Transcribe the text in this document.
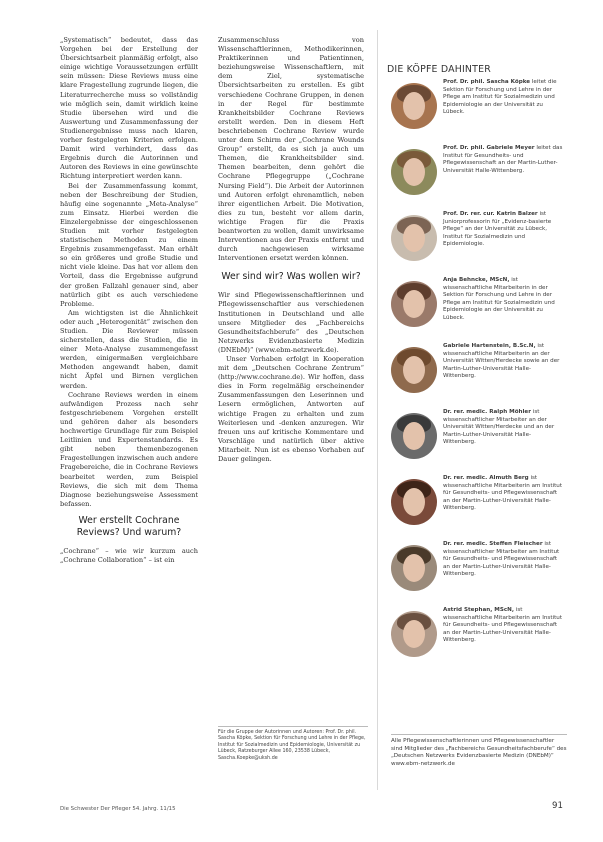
„Systematisch“ bedeutet, dass das Vorgehen bei der Erstellung der Übersichtsarbeit planmäßig erfolgt, also einige wichtige Voraussetzungen erfüllt sein müssen: Diese Reviews muss eine klare Fragestellung zugrunde liegen, die Literaturrecherche muss so vollständig wie möglich sein, damit wirklich keine Studie übersehen wird und die Auswertung und Zusammenfassung der Studienergebnisse muss nach klaren, vorher festgelegten Kriterien erfolgen. Damit wird verhindert, dass das Ergebnis durch die Autorinnen und Autoren des Reviews in eine gewünschte Richtung interpretiert werden kann.

Bei der Zusammenfassung kommt, neben der Beschreibung der Studien, häufig eine sogenannte „Meta-Analyse“ zum Einsatz. Hierbei werden die Einzelergebnisse der eingeschlossenen Studien mit vorher festgelegten statistischen Methoden zu einem Ergebnis zusammengefasst. Man erhält so ein größeres und große Studie und nicht viele kleine. Das hat vor allem den Vorteil, dass die Ergebnisse aufgrund der großen Fallzahl genauer sind, aber natürlich gibt es auch verschiedene Probleme.

Am wichtigsten ist die Ähnlichkeit oder auch „Heterogenität“ zwischen den Studien. Die Reviewer müssen sicherstellen, dass die Studien, die in einer Meta-Analyse zusammengefasst werden, einigermaßen vergleichbare Methoden angewandt haben, damit nicht Äpfel und Birnen verglichen werden.

Cochrane Reviews werden in einem aufwändigen Prozess nach sehr festgeschriebenem Vorgehen erstellt und gehören daher als besonders hochwertige Grundlage für zum Beispiel Leitlinien und Expertenstandards. Es gibt neben themenbezogenen Fragestellungen inzwischen auch andere Fragebereiche, die in Cochrane Reviews bearbeitet werden, zum Beispiel Reviews, die sich mit dem Thema Diagnose beziehungsweise Assessment befassen.

Wer erstellt Cochrane Reviews? Und warum?

„Cochrane“ – wie wir kurzum auch „Cochrane Collaboration“ – ist ein

Zusammenschluss von Wissenschaftlerinnen, Methodikerinnen, Praktikerinnen und Patientinnen, beziehungsweise Wissenschaftlern, mit dem Ziel, systematische Übersichtsarbeiten zu erstellen. Es gibt verschiedene Cochrane Gruppen, in denen in der Regel für bestimmte Krankheitsbilder Cochrane Reviews erstellt werden. Den in diesem Heft beschriebenen Cochrane Review wurde unter dem Schirm der „Cochrane Wounds Group“ erstellt, da es sich ja auch um Themen, die Krankheitsbilder sind. Themen bearbeiten, denn gehört die Cochrane Pflegegruppe („Cochrane Nursing Field“). Die Arbeit der Autorinnen und Autoren erfolgt ehrenamtlich, neben ihrer eigentlichen Arbeit. Die Motivation, dies zu tun, besteht vor allem darin, wichtige Fragen für die Praxis beantworten zu wollen, damit unwirksame Interventionen aus der Praxis entfernt und durch nachgewiesen wirksame Interventionen ersetzt werden können.

Wer sind wir? Was wollen wir?

Wir sind Pflegewissenschaftlerinnen und Pflegewissenschaftler aus verschiedenen Institutionen in Deutschland und alle unsere Mitglieder des „Fachbereichs Gesundheitsfachberufe“ des „Deutschen Netzwerks Evidenzbasierte Medizin (DNEbM)“ (www.ebm-netzwerk.de).

Unser Vorhaben erfolgt in Kooperation mit dem „Deutschen Cochrane Zentrum“ (http://www.cochrane.de). Wir hoffen, dass dies in Form regelmäßig erscheinender Zusammenfassungen den Leserinnen und Lesern ermöglichen, Antworten auf wichtige Fragen zu erhalten und zum Weiterlesen und -denken anzuregen. Wir freuen uns auf kritische Kommentare und Vorschläge und natürlich über aktive Mitarbeit. Nun ist es ebenso Vorhaben auf Dauer gelingen.

Für die Gruppe der Autorinnen und Autoren: Prof. Dr. phil. Sascha Köpke, Sektion für Forschung und Lehre in der Pflege, Institut für Sozialmedizin und Epidemiologie, Universität zu Lübeck, Ratzeburger Allee 160, 23538 Lübeck, Sascha.Koepke@uksh.de
DIE KÖPFE DAHINTER
Prof. Dr. phil. Sascha Köpke leitet die Sektion für Forschung und Lehre in der Pflege am Institut für Sozialmedizin und Epidemiologie an der Universität zu Lübeck.
Prof. Dr. phil. Gabriele Meyer leitet das Institut für Gesundheits- und Pflegewissenschaft an der Martin-Luther-Universität Halle-Wittenberg.
Prof. Dr. rer. cur. Katrin Balzer ist Juniorprofessorin für „Evidenz-basierte Pflege“ an der Universität zu Lübeck, Institut für Sozialmedizin und Epidemiologie.
Anja Behncke, MScN, ist wissenschaftliche Mitarbeiterin in der Sektion für Forschung und Lehre in der Pflege am Institut für Sozialmedizin und Epidemiologie an der Universität zu Lübeck.
Gabriele Hartenstein, B.Sc.N, ist wissenschaftliche Mitarbeiterin an der Universität Witten/Herdecke sowie an der Martin-Luther-Universität Halle-Wittenberg.
Dr. rer. medic. Ralph Möhler ist wissenschaftlicher Mitarbeiter an der Universität Witten/Herdecke und an der Martin-Luther-Universität Halle-Wittenberg.
Dr. rer. medic. Almuth Berg ist wissenschaftliche Mitarbeiterin am Institut für Gesundheits- und Pflegewissenschaft an der Martin-Luther-Universität Halle-Wittenberg.
Dr. rer. medic. Steffen Fleischer ist wissenschaftlicher Mitarbeiter am Institut für Gesundheits- und Pflegewissenschaft an der Martin-Luther-Universität Halle-Wittenberg.
Astrid Stephan, MScN, ist wissenschaftliche Mitarbeiterin am Institut für Gesundheits- und Pflegewissenschaft an der Martin-Luther-Universität Halle-Wittenberg.
Alle Pflegewissenschaftlerinnen und Pflegewissenschaftler sind Mitglieder des „Fachbereichs Gesundheitsfachberufe“ des „Deutschen Netzwerks Evidenzbasierte Medizin (DNEbM)“ www.ebm-netzwerk.de
Die Schwester Der Pfleger 54. Jahrg. 11/15	91
